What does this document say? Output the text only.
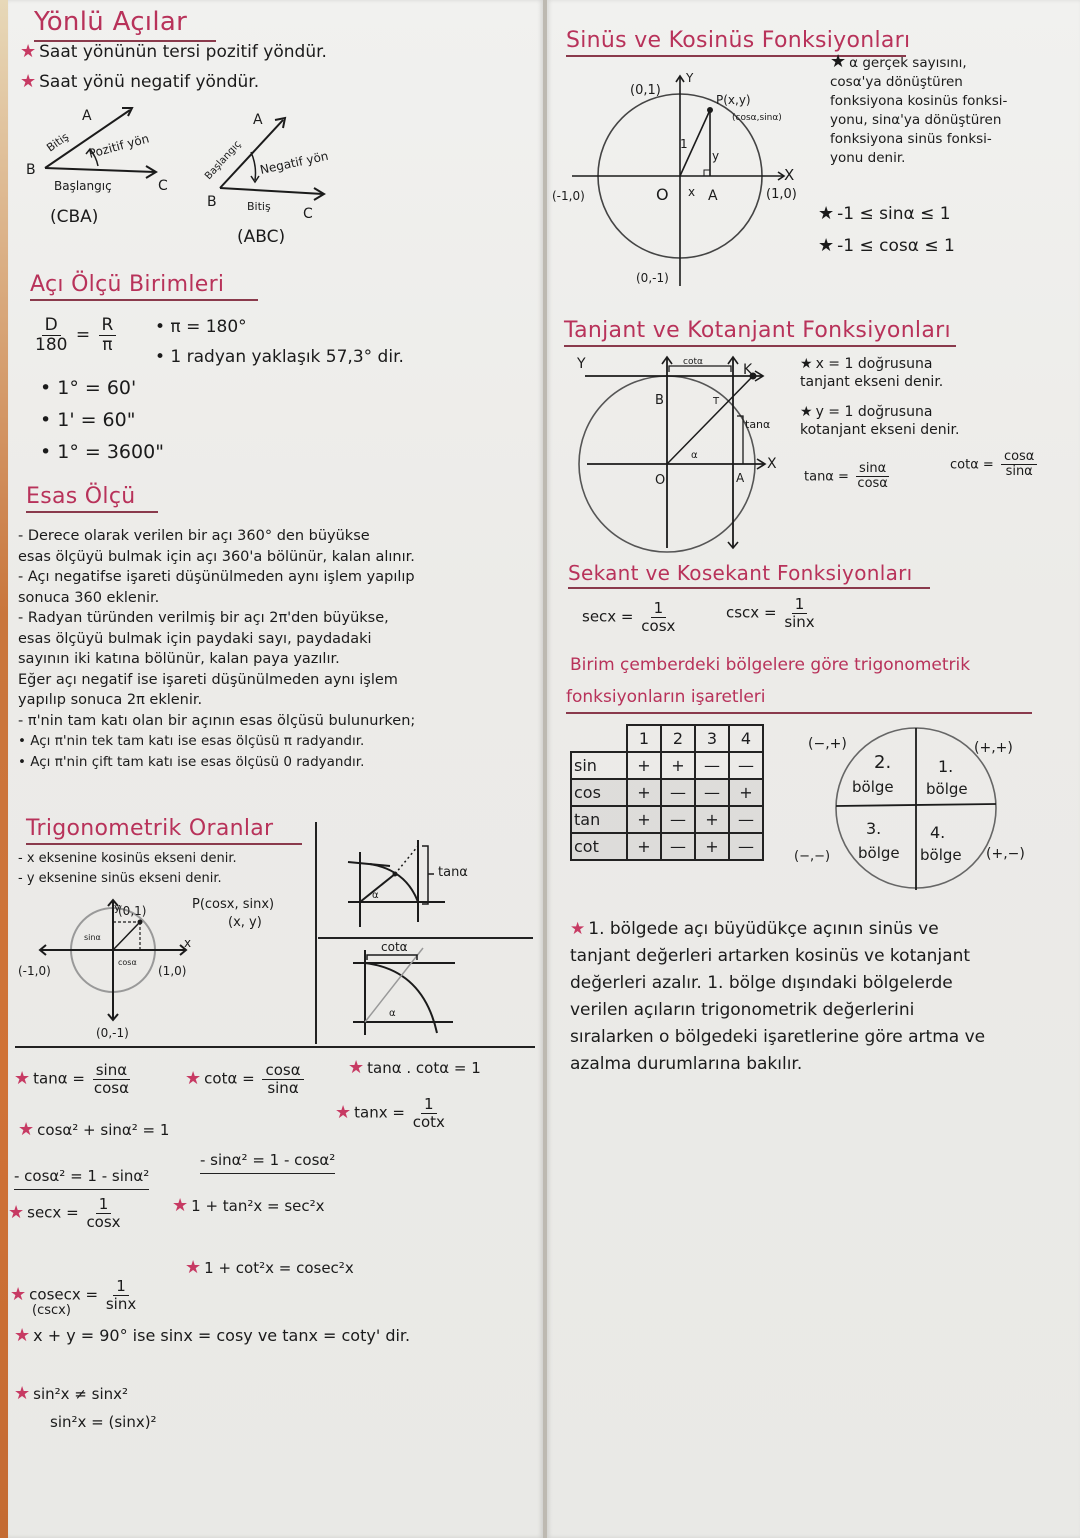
Yönlü Açılar
★ Saat yönünün tersi pozitif yöndür.
★ Saat yönü negatif yöndür.
A
B
C
Bitiş Pozitif yön
Başlangıç
(CBA)
A
B
C
Başlangıç Negatif yön
Bitiş
(ABC)
Açı Ölçü Birimleri
$\frac{D}{180} = \frac{R}{\pi}$ • π = 180°
• 1 radyan yaklaşık 57,3° dir.
• 1° = 60'
• 1' = 60"
• 1° = 3600"
Esas Ölçü
- Derece olarak verilen bir açı 360° den büyükse
esas ölçüyü bulmak için açı 360'a bölünür, kalan alınır.
- Açı negatifse işareti düşünülmeden aynı işlem yapılıp
sonuca 360 eklenir.
- Radyan türünden verilmiş bir açı 2π'den büyükse,
esas ölçüyü bulmak için paydaki sayı, paydadaki
sayının iki katına bölünür, kalan paya yazılır.
Eğer açı negatif ise işareti düşünülmeden aynı işlem
yapılıp sonuca 2π eklenir.
- π'nin tam katı olan bir açının esas ölçüsü bulunurken;
• Açı π'nin tek tam katı ise esas ölçüsü π radyandır.
• Açı π'nin çift tam katı ise esas ölçüsü 0 radyandır.
Trigonometrik Oranlar
- x eksenine kosinüs ekseni denir.
- y eksenine sinüs ekseni denir.
(0,1)
y
(-1,0)	(1,0)
x
(0,-1)
sinα
cosα
P(cosx, sinx)
(x, y)
tanα
α
cotα
α
★ $\tan\alpha = \frac{\sin\alpha}{\cos\alpha}$	★ $\cot\alpha = \frac{\cos\alpha}{\sin\alpha}$ ★ tanα . cotα = 1
★ $\tan x = \frac{1}{\cot x}$
★ cosα² + sinα² = 1
- cosα² = 1 - sinα²
- sinα² = 1 - cosα²
★ $\sec x = \frac{1}{\cos x}$	★ 1 + tan²x = sec²x
★ 1 + cot²x = cosec²x
★ $cosecx = \frac{1}{\sin x}$
(cscx)
★ x + y = 90° ise sinx = cosy ve tanx = coty' dir.
★ sin²x ≠ sinx²
sin²x = (sinx)²
Sinüs ve Kosinüs Fonksiyonları
(0,1)
Y
P(x,y)
(cosα,sinα)
(-1,0)	O x A
X
(1,0)
1
y
(0,-1)
★ α gerçek sayısını,
cosα'ya dönüştüren
fonksiyona kosinüs fonksi-
yonu, sinα'ya dönüştüren
fonksiyona sinüs fonksi-
yonu denir.
★ -1 ≤ sinα ≤ 1
★ -1 ≤ cosα ≤ 1
Tanjant ve Kotanjant Fonksiyonları
Y	cotα	K
B	T
tanα
α
X
O	A
★ x = 1 doğrusuna
tanjant ekseni denir.
★ y = 1 doğrusuna
kotanjant ekseni denir.
$\tan\alpha = \frac{\sin\alpha}{\cos\alpha}$	$\cot\alpha = \frac{\cos\alpha}{\sin\alpha}$
Sekant ve Kosekant Fonksiyonları
$\sec x = \frac{1}{\cos x}$	$\csc x = \frac{1}{\sin x}$
Birim çemberdeki bölgelere göre trigonometrik
fonksiyonların işaretleri
	1	2	3	4
sin	+	+	—	—
cos	+	—	—	+
tan	+	—	+	—
cot	+	—	+	—
(−,+)	(+,+)
2.
bölge
1.
bölge
3.
bölge
4.
bölge
(−,−)	(+,−)
★ 1. bölgede açı büyüdükçe açının sinüs ve
tanjant değerleri artarken kosinüs ve kotanjant
değerleri azalır. 1. bölge dışındaki bölgelerde
verilen açıların trigonometrik değerlerini
sıralarken o bölgedeki işaretlerine göre artma ve
azalma durumlarına bakılır.
